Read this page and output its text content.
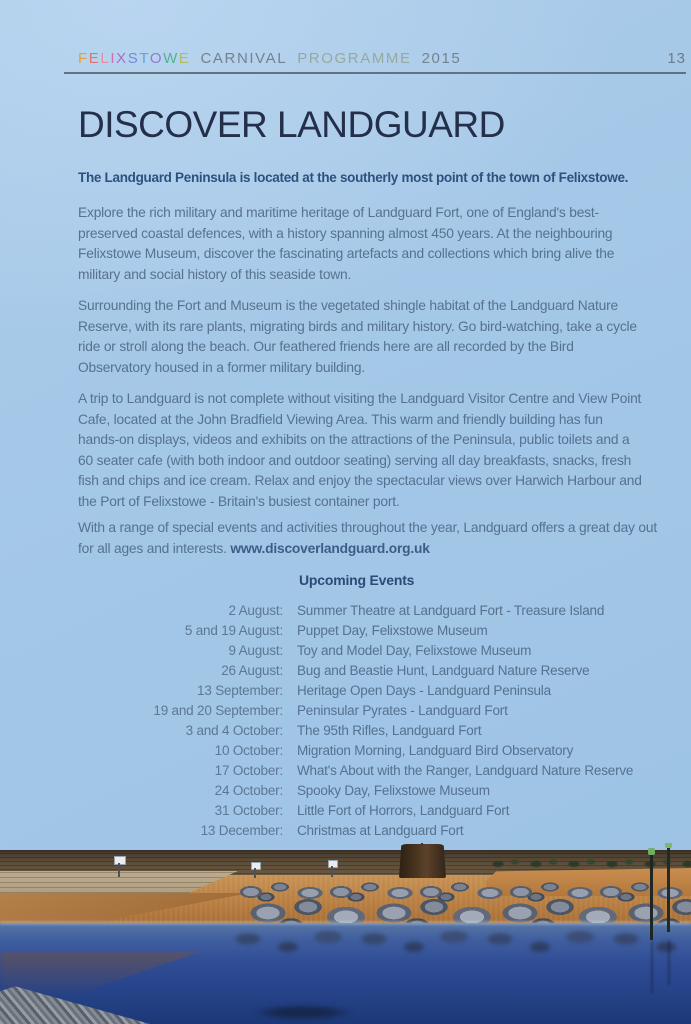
FELIXSTOWE CARNIVAL PROGRAMME 2015	13
DISCOVER LANDGUARD
The Landguard Peninsula is located at the southerly most point of the town of Felixstowe.
Explore the rich military and maritime heritage of Landguard Fort, one of England's best-preserved coastal defences, with a history spanning almost 450 years. At the neighbouring Felixstowe Museum, discover the fascinating artefacts and collections which bring alive the military and social history of this seaside town.
Surrounding the Fort and Museum is the vegetated shingle habitat of the Landguard Nature Reserve, with its rare plants, migrating birds and military history. Go bird-watching, take a cycle ride or stroll along the beach. Our feathered friends here are all recorded by the Bird Observatory housed in a former military building.
A trip to Landguard is not complete without visiting the Landguard Visitor Centre and View Point Cafe, located at the John Bradfield Viewing Area. This warm and friendly building has fun hands-on displays, videos and exhibits on the attractions of the Peninsula, public toilets and a 60 seater cafe (with both indoor and outdoor seating) serving all day breakfasts, snacks, fresh fish and chips and ice cream. Relax and enjoy the spectacular views over Harwich Harbour and the Port of Felixstowe - Britain's busiest container port.
With a range of special events and activities throughout the year, Landguard offers a great day out for all ages and interests. www.discoverlandguard.org.uk
Upcoming Events
2 August: Summer Theatre at Landguard Fort - Treasure Island
5 and 19 August: Puppet Day, Felixstowe Museum
9 August: Toy and Model Day, Felixstowe Museum
26 August: Bug and Beastie Hunt, Landguard Nature Reserve
13 September: Heritage Open Days - Landguard Peninsula
19 and 20 September: Peninsular Pyrates - Landguard Fort
3 and 4 October: The 95th Rifles, Landguard Fort
10 October: Migration Morning, Landguard Bird Observatory
17 October: What's About with the Ranger, Landguard Nature Reserve
24 October: Spooky Day, Felixstowe Museum
31 October: Little Fort of Horrors, Landguard Fort
13 December: Christmas at Landguard Fort
